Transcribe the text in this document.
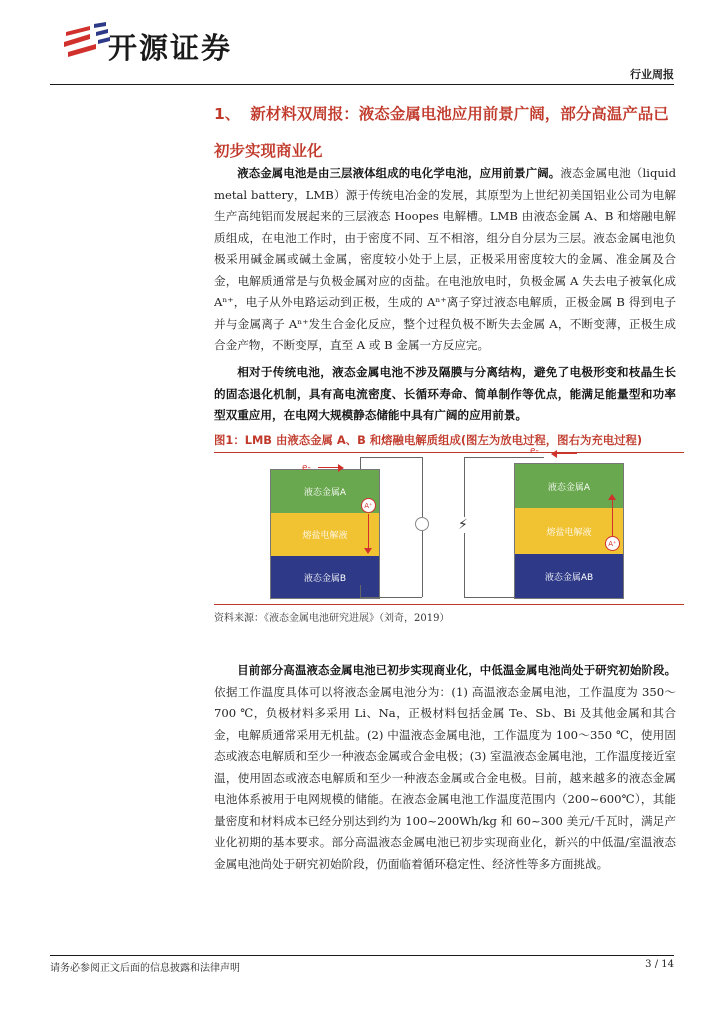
开源证券
行业周报
1、 新材料双周报：液态金属电池应用前景广阔，部分高温产品已初步实现商业化
液态金属电池是由三层液体组成的电化学电池，应用前景广阔。液态金属电池（liquid metal battery，LMB）源于传统电冶金的发展，其原型为上世纪初美国铝业公司为电解生产高纯铝而发展起来的三层液态 Hoopes 电解槽。LMB 由液态金属 A、B 和熔融电解质组成，在电池工作时，由于密度不同、互不相溶，组分自分层为三层。液态金属电池负极采用碱金属或碱土金属，密度较小处于上层，正极采用密度较大的金属、准金属及合金，电解质通常是与负极金属对应的卤盐。在电池放电时，负极金属 A 失去电子被氧化成 Aⁿ⁺，电子从外电路运动到正极，生成的 Aⁿ⁺离子穿过液态电解质，正极金属 B 得到电子并与金属离子 Aⁿ⁺发生合金化反应，整个过程负极不断失去金属 A，不断变薄，正极生成合金产物，不断变厚，直至 A 或 B 金属一方反应完。
相对于传统电池，液态金属电池不涉及隔膜与分离结构，避免了电极形变和枝晶生长的固态退化机制，具有高电流密度、长循环寿命、简单制作等优点，能满足能量型和功率型双重应用，在电网大规模静态储能中具有广阔的应用前景。
图1：LMB 由液态金属 A、B 和熔融电解质组成(图左为放电过程，图右为充电过程)
液态金属A
熔盐电解液
液态金属B
A⁺
e-
⚡
液态金属A
熔盐电解液
液态金属AB
A⁺
e-
资料来源：《液态金属电池研究进展》（刘奇，2019）
目前部分高温液态金属电池已初步实现商业化，中低温金属电池尚处于研究初始阶段。依据工作温度具体可以将液态金属电池分为：(1) 高温液态金属电池，工作温度为 350～700 ℃，负极材料多采用 Li、Na，正极材料包括金属 Te、Sb、Bi 及其他金属和其合金，电解质通常采用无机盐。(2) 中温液态金属电池，工作温度为 100～350 ℃，使用固态或液态电解质和至少一种液态金属或合金电极；(3) 室温液态金属电池，工作温度接近室温，使用固态或液态电解质和至少一种液态金属或合金电极。目前，越来越多的液态金属电池体系被用于电网规模的储能。在液态金属电池工作温度范围内（200~600℃），其能量密度和材料成本已经分别达到约为 100~200Wh/kg 和 60~300 美元/千瓦时，满足产业化初期的基本要求。部分高温液态金属电池已初步实现商业化，新兴的中低温/室温液态金属电池尚处于研究初始阶段，仍面临着循环稳定性、经济性等多方面挑战。
请务必参阅正文后面的信息披露和法律声明	3 / 14
